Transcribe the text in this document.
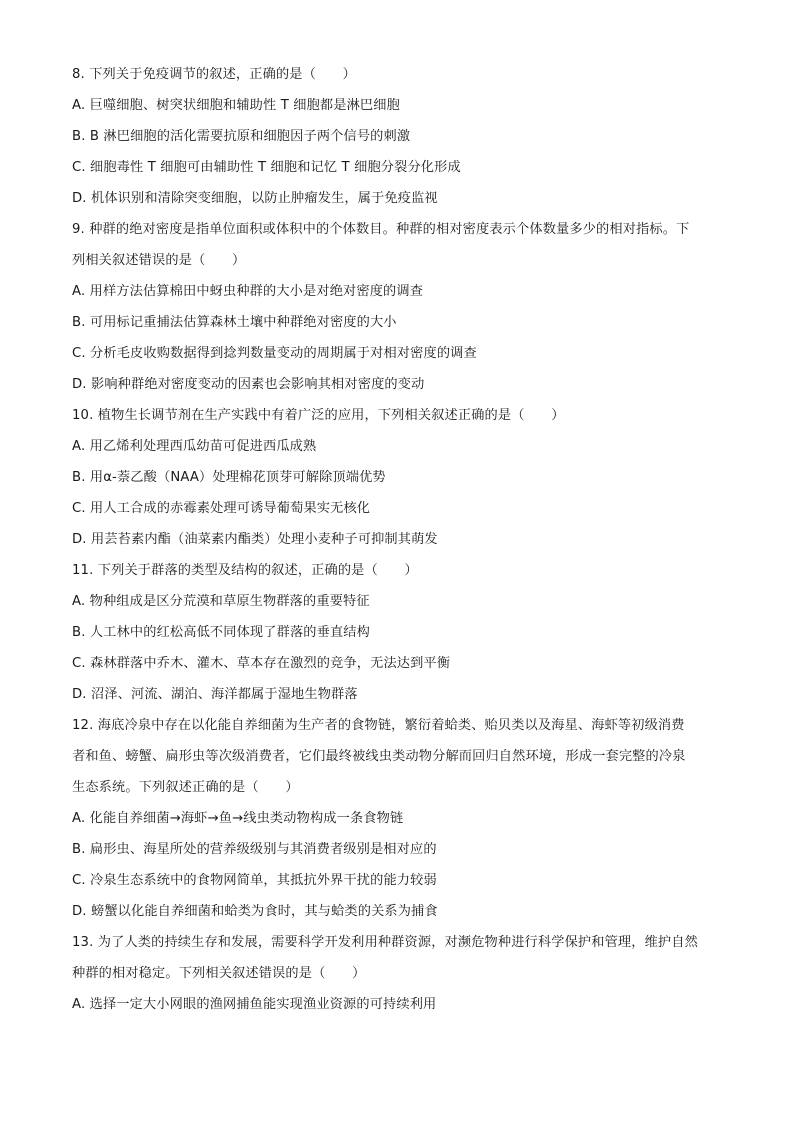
8. 下列关于免疫调节的叙述，正确的是（　　）
A. 巨噬细胞、树突状细胞和辅助性 T 细胞都是淋巴细胞
B. B 淋巴细胞的活化需要抗原和细胞因子两个信号的刺激
C. 细胞毒性 T 细胞可由辅助性 T 细胞和记忆 T 细胞分裂分化形成
D. 机体识别和清除突变细胞，以防止肿瘤发生，属于免疫监视
9. 种群的绝对密度是指单位面积或体积中的个体数目。种群的相对密度表示个体数量多少的相对指标。下
列相关叙述错误的是（　　）
A. 用样方法估算棉田中蚜虫种群的大小是对绝对密度的调查
B. 可用标记重捕法估算森林土壤中种群绝对密度的大小
C. 分析毛皮收购数据得到捻判数量变动的周期属于对相对密度的调查
D. 影响种群绝对密度变动的因素也会影响其相对密度的变动
10. 植物生长调节剂在生产实践中有着广泛的应用，下列相关叙述正确的是（　　）
A. 用乙烯利处理西瓜幼苗可促进西瓜成熟
B. 用α-萘乙酸（NAA）处理棉花顶芽可解除顶端优势
C. 用人工合成的赤霉素处理可诱导葡萄果实无核化
D. 用芸苔素内酯（油菜素内酯类）处理小麦种子可抑制其萌发
11. 下列关于群落的类型及结构的叙述，正确的是（　　）
A. 物种组成是区分荒漠和草原生物群落的重要特征
B. 人工林中的红松高低不同体现了群落的垂直结构
C. 森林群落中乔木、灌木、草本存在激烈的竞争，无法达到平衡
D. 沼泽、河流、湖泊、海洋都属于湿地生物群落
12. 海底冷泉中存在以化能自养细菌为生产者的食物链，繁衍着蛤类、贻贝类以及海星、海虾等初级消费
者和鱼、螃蟹、扁形虫等次级消费者，它们最终被线虫类动物分解而回归自然环境，形成一套完整的冷泉
生态系统。下列叙述正确的是（　　）
A. 化能自养细菌→海虾→鱼→线虫类动物构成一条食物链
B. 扁形虫、海星所处的营养级级别与其消费者级别是相对应的
C. 冷泉生态系统中的食物网简单，其抵抗外界干扰的能力较弱
D. 螃蟹以化能自养细菌和蛤类为食时，其与蛤类的关系为捕食
13. 为了人类的持续生存和发展，需要科学开发利用种群资源，对濒危物种进行科学保护和管理，维护自然
种群的相对稳定。下列相关叙述错误的是（　　）
A. 选择一定大小网眼的渔网捕鱼能实现渔业资源的可持续利用
